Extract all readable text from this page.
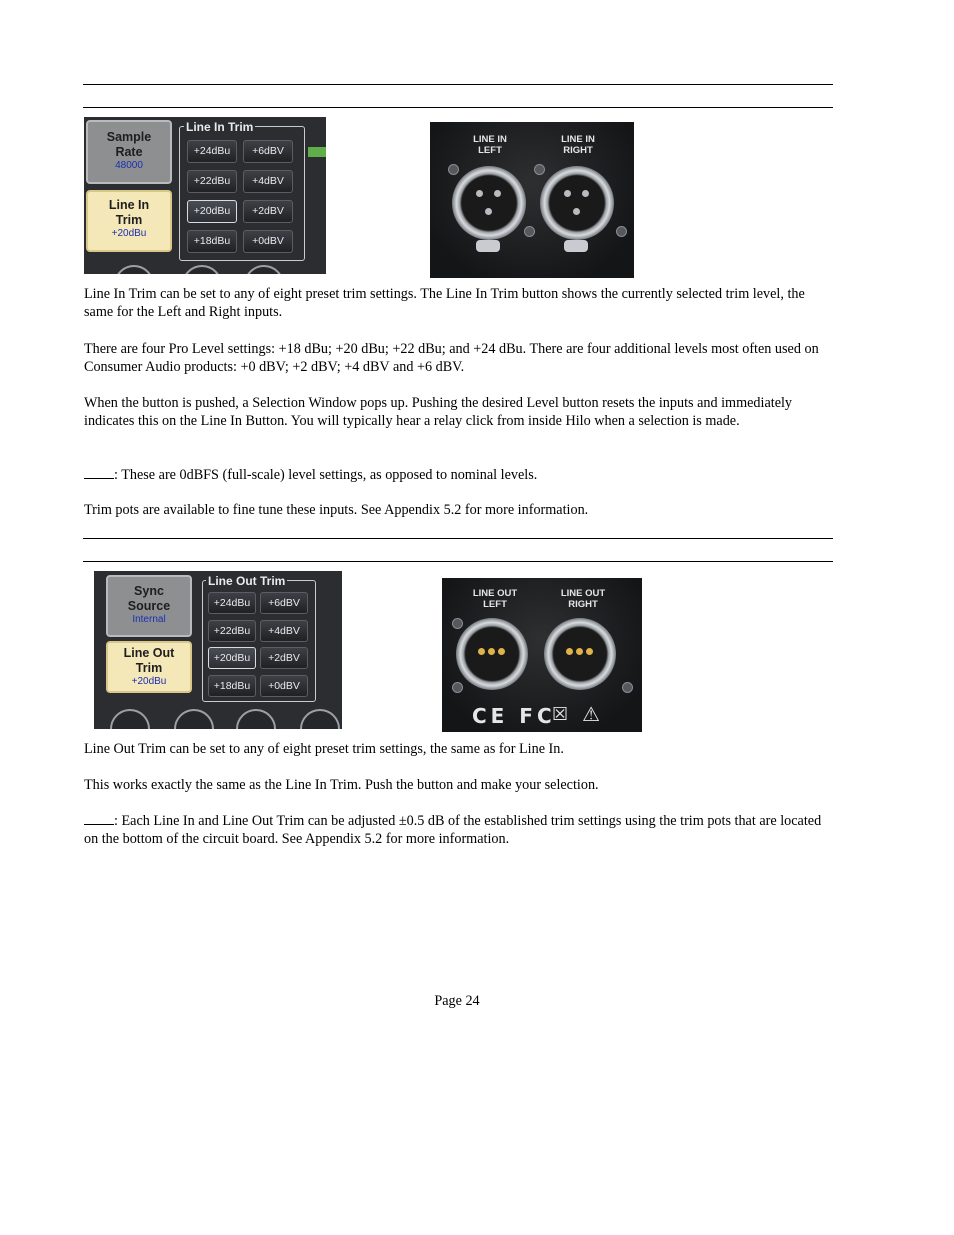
Sample Rate
48000
Line In Trim
+20dBu
Line In Trim
+24dBu	+6dBV
+22dBu	+4dBV
+20dBu	+2dBV
+18dBu	+0dBV
LINE IN
LEFT
LINE IN
RIGHT

Line In Trim can be set to any of eight preset trim settings. The Line In Trim button shows the currently selected trim level, the same for the Left and Right inputs.

There are four Pro Level settings: +18 dBu; +20 dBu; +22 dBu; and +24 dBu. There are four additional levels most often used on Consumer Audio products: +0 dBV; +2 dBV; +4 dBV and +6 dBV.

When the button is pushed, a Selection Window pops up. Pushing the desired Level button resets the inputs and immediately indicates this on the Line In Button. You will typically hear a relay click from inside Hilo when a selection is made.

: These are 0dBFS (full-scale) level settings, as opposed to nominal levels.

Trim pots are available to fine tune these inputs. See Appendix 5.2 for more information.

Sync Source
Internal
Line Out Trim
+20dBu
Line Out Trim
+24dBu	+6dBV
+22dBu	+4dBV
+20dBu	+2dBV
+18dBu	+0dBV
LINE OUT
LEFT
LINE OUT
RIGHT
CE FC
☒ ⚠

Line Out Trim can be set to any of eight preset trim settings, the same as for Line In.

This works exactly the same as the Line In Trim. Push the button and make your selection.

: Each Line In and Line Out Trim can be adjusted ±0.5 dB of the established trim settings using the trim pots that are located on the bottom of the circuit board. See Appendix 5.2 for more information.

Page 24
